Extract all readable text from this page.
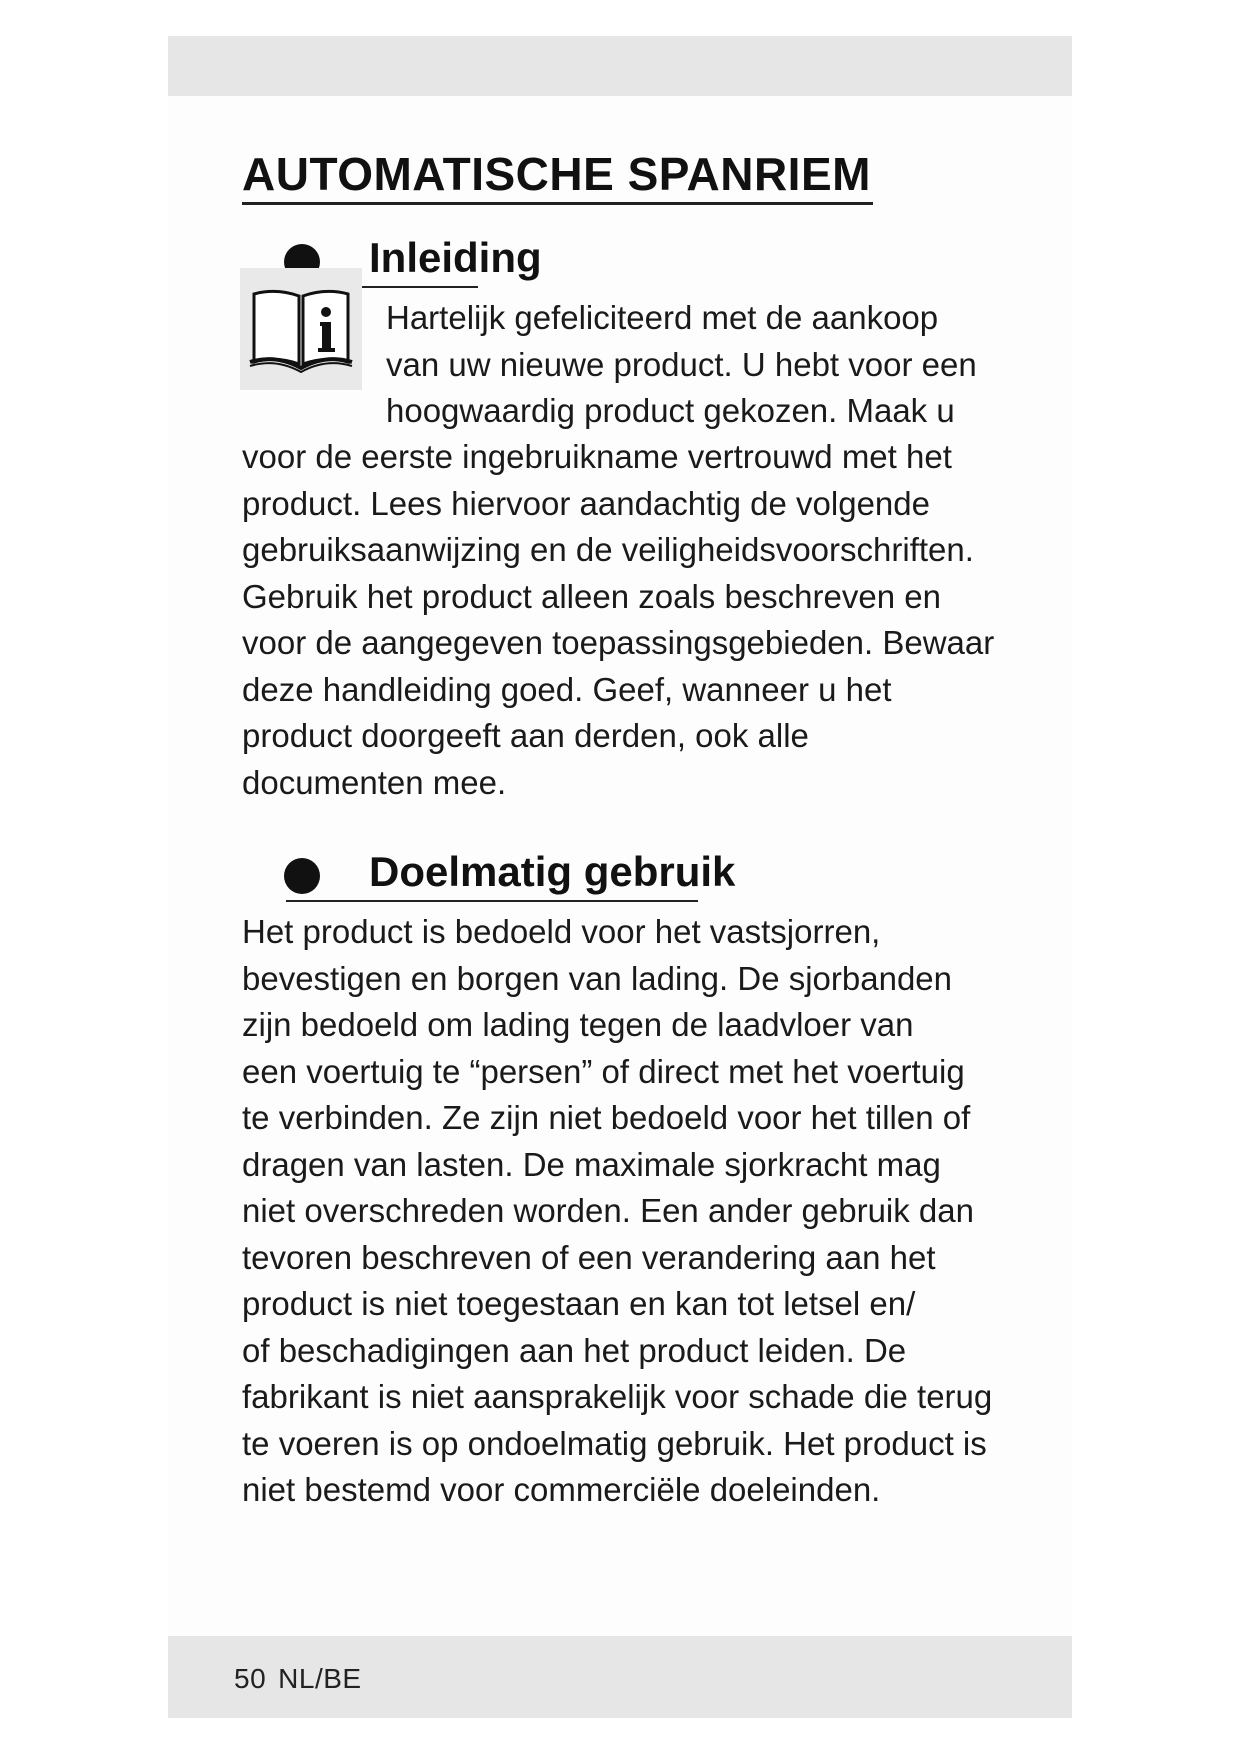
AUTOMATISCHE SPANRIEM
Inleiding

Hartelijk gefeliciteerd met de aankoop
van uw nieuwe product. U hebt voor een
hoogwaardig product gekozen. Maak u

voor de eerste ingebruikname vertrouwd met het
product. Lees hiervoor aandachtig de volgende
gebruiksaanwijzing en de veiligheidsvoorschriften.
Gebruik het product alleen zoals beschreven en
voor de aangegeven toepassingsgebieden. Bewaar
deze handleiding goed. Geef, wanneer u het
product doorgeeft aan derden, ook alle
documenten mee.

Doelmatig gebruik

Het product is bedoeld voor het vastsjorren,
bevestigen en borgen van lading. De sjorbanden
zijn bedoeld om lading tegen de laadvloer van
een voertuig te “persen” of direct met het voertuig
te verbinden. Ze zijn niet bedoeld voor het tillen of
dragen van lasten. De maximale sjorkracht mag
niet overschreden worden. Een ander gebruik dan
tevoren beschreven of een verandering aan het
product is niet toegestaan en kan tot letsel en/
of beschadigingen aan het product leiden. De
fabrikant is niet aansprakelijk voor schade die terug
te voeren is op ondoelmatig gebruik. Het product is
niet bestemd voor commerciële doeleinden.

50 NL/BE
